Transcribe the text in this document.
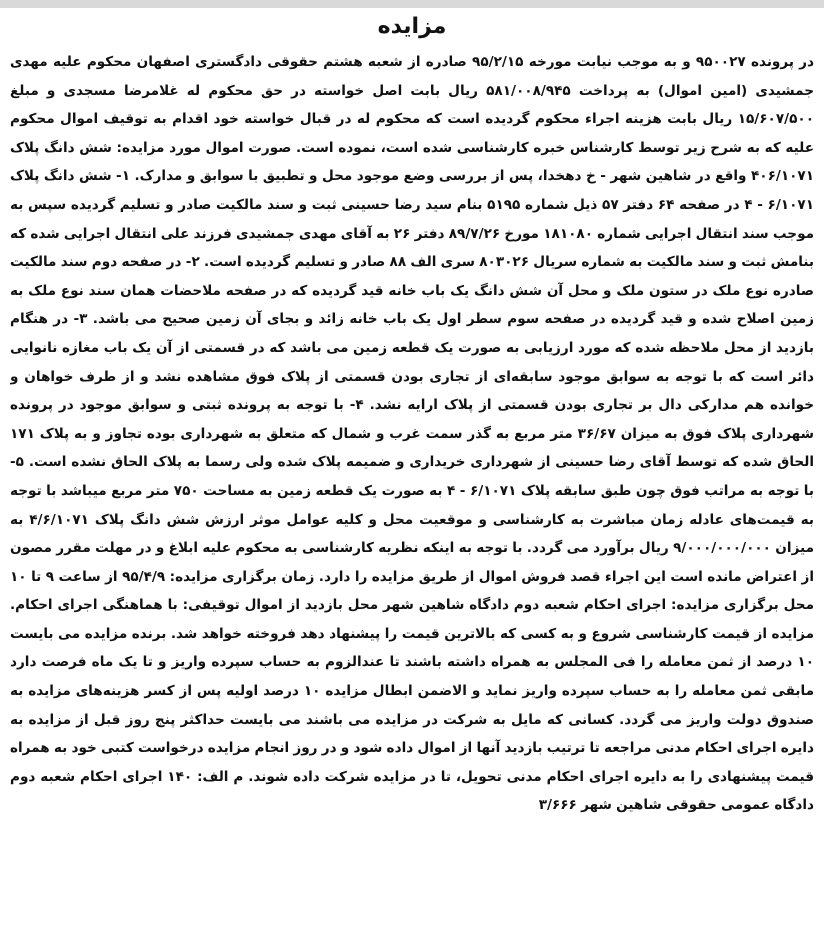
مزایده

در پرونده ۹۵۰۰۲۷ و به موجب نیابت مورخه ۹۵/۲/۱۵ صادره از شعبه هشتم حقوقی دادگستری اصفهان محکوم علیه مهدی جمشیدی (امین اموال) به پرداخت ۵۸۱/۰۰۸/۹۴۵ ریال بابت اصل خواسته در حق محکوم له غلامرضا مسجدی و مبلغ ۱۵/۶۰۷/۵۰۰ ریال بابت هزینه اجراء محکوم گردیده است که محکوم له در قبال خواسته خود اقدام به توقیف اموال محکوم علیه که به شرح زیر توسط کارشناس خبره کارشناسی شده است، نموده است. صورت اموال مورد مزایده: شش دانگ پلاک ۴۰۶/۱۰۷۱ واقع در شاهین شهر - خ دهخدا، پس از بررسی وضع موجود محل و تطبیق با سوابق و مدارک. ۱- شش دانگ پلاک ۶/۱۰۷۱ - ۴ در صفحه ۶۴ دفتر ۵۷ ذیل شماره ۵۱۹۵ بنام سید رضا حسینی ثبت و سند مالکیت صادر و تسلیم گردیده سپس به موجب سند انتقال اجرایی شماره ۱۸۱۰۸۰ مورخ ۸۹/۷/۲۶ دفتر ۲۶ به آقای مهدی جمشیدی فرزند علی انتقال اجرایی شده که بنامش ثبت و سند مالکیت به شماره سریال ۸۰۳۰۲۶ سری الف ۸۸ صادر و تسلیم گردیده است. ۲- در صفحه دوم سند مالکیت صادره نوع ملک در ستون ملک و محل آن شش دانگ یک باب خانه قید گردیده که در صفحه ملاحضات همان سند نوع ملک به زمین اصلاح شده و قید گردیده در صفحه سوم سطر اول یک باب خانه زائد و بجای آن زمین صحیح می باشد. ۳- در هنگام بازدید از محل ملاحظه شده که مورد ارزیابی به صورت یک قطعه زمین می باشد که در قسمتی از آن یک باب مغازه نانوایی دائر است که با توجه به سوابق موجود سابقه‌ای از تجاری بودن قسمتی از پلاک فوق مشاهده نشد و از طرف خواهان و خوانده هم مدارکی دال بر تجاری بودن قسمتی از پلاک ارایه نشد. ۴- با توجه به پرونده ثبتی و سوابق موجود در پرونده شهرداری پلاک فوق به میزان ۳۶/۶۷ متر مربع به گذر سمت غرب و شمال که متعلق به شهرداری بوده تجاوز و به پلاک ۱۷۱ الحاق شده که توسط آقای رضا حسینی از شهرداری خریداری و ضمیمه پلاک شده ولی رسما به پلاک الحاق نشده است. ۵- با توجه به مراتب فوق چون طبق سابقه پلاک ۶/۱۰۷۱ - ۴ به صورت یک قطعه زمین به مساحت ۷۵۰ متر مربع میباشد با توجه به قیمت‌های عادله زمان مباشرت به کارشناسی و موقعیت محل و کلیه عوامل موثر ارزش شش دانگ پلاک ۴/۶/۱۰۷۱ به میزان ۹/۰۰۰/۰۰۰/۰۰۰ ریال برآورد می گردد. با توجه به اینکه نظریه کارشناسی به محکوم علیه ابلاغ و در مهلت مقرر مصون از اعتراض مانده است این اجراء قصد فروش اموال از طریق مزایده را دارد. زمان برگزاری مزایده: ۹۵/۴/۹ از ساعت ۹ تا ۱۰ محل برگزاری مزایده: اجرای احکام شعبه دوم دادگاه شاهین شهر محل بازدید از اموال توقیفی: با هماهنگی اجرای احکام. مزایده از قیمت کارشناسی شروع و به کسی که بالاترین قیمت را پیشنهاد دهد فروخته خواهد شد. برنده مزایده می بایست ۱۰ درصد از ثمن معامله را فی المجلس به همراه داشته باشند تا عندالزوم به حساب سپرده واریز و تا یک ماه فرصت دارد مابقی ثمن معامله را به حساب سپرده واریز نماید و الاضمن ابطال مزایده ۱۰ درصد اولیه پس از کسر هزینه‌های مزایده به صندوق دولت واریز می گردد. کسانی که مایل به شرکت در مزایده می باشند می بایست حداکثر پنج روز قبل از مزایده به دایره اجرای احکام مدنی مراجعه تا ترتیب بازدید آنها از اموال داده شود و در روز انجام مزایده درخواست کتبی خود به همراه قیمت پیشنهادی را به دایره اجرای احکام مدنی تحویل، تا در مزایده شرکت داده شوند. م الف: ۱۴۰ اجرای احکام شعبه دوم دادگاه عمومی حقوقی شاهین شهر ۳/۶۶۶
